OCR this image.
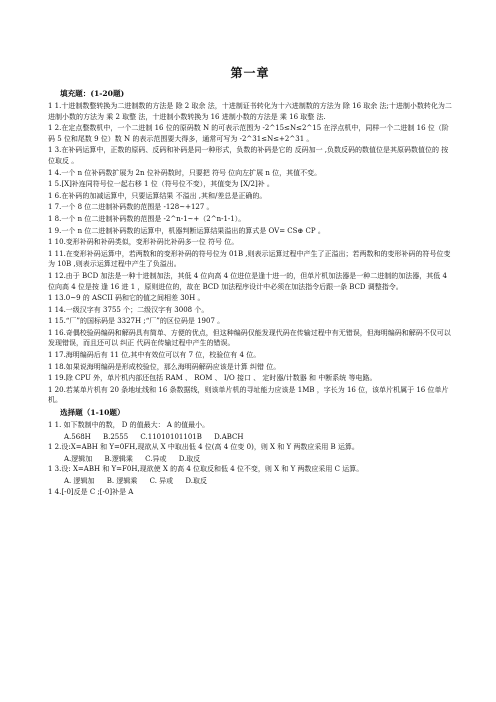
第一章
填充题：(1-20题)
1 1.十进制数整转换为二进制数的方法是 除 2 取余 法，十进制证书转化为十六进制数的方法为 除 16 取余 法;十进制小数转化为二进制小数的方法为 乘 2 取整 法，十进制小数转换为 16 进制小数的方法是 乘 16 取整 法.
1 2.在定点整数机中，一个二进制 16 位的原码数 N 的可表示范围为 -2^15≤N≤2^15 在浮点机中，同样一个二进制 16 位（阶码 5 位和尾数 9 位）数 N 的表示范围要大得多，通常可写为 -2^31≤N≤+2^31 。
1 3.在补码运算中，正数的原码、反码和补码是同一种形式，负数的补码是它的 反码加一 ,负数反码的数值位是其原码数值位的 按位取反 。
1 4.一个 n 位补码数扩展为 2n 位补码数时，只要把 符号 位向左扩展 n 位，其值不变。
1 5.[X]补连同符号位一起右移 1 位（符号位不变），其值变为 [X/2]补 。
1 6.在补码的加减运算中，只要运算结果 不溢出 ,其和/差总是正确的。
1 7.一个 8 位二进制补码数的范围是 -128~+127 。
1 8.一个 n 位二进制补码数的范围是 -2^n-1~+（2^n-1-1）。
1 9.一个 n 位二进制补码数的运算中，机器判断运算结果溢出的算式是 OV= CS⊕ CP 。
1 10.变形补码和补码类似，变形补码比补码多一位 符号 位。
1 11.在变形补码运算中，若两数和的变形补码的符号位为 01B ,则表示运算过程中产生了正溢出；若两数和的变形补码的符号位变为 10B ,则表示运算过程中产生了负溢出。
1 12.由于 BCD 加法是一种十进制加法，其低 4 位向高 4 位进位是逢十进一的，但单片机加法器是一种二进制的加法器，其低 4 位向高 4 位是按 逢 16 进 1 ，原则进位的，故在 BCD 加法程序设计中必须在加法指令后跟一条 BCD 调整指令。
1 13.0~9 的 ASCII 码和它的值之间相差 30H 。
1 14.一级汉字有 3755 个；二级汉字有 3008 个。
1 15.“厂”的国标码是 3327H ;“厂”的区位码是 1907 。
1 16.奇偶校验码编码和解码具有简单、方便的优点，但这种编码仅能发现代码在传输过程中有无错误，但海明编码和解码不仅可以发现错误，而且还可以 纠正 代码在传输过程中产生的错误。
1 17.海明编码后有 11 位,其中有效位可以有 7 位，校验位有 4 位。
1 18.如果说海明编码是形成校验位，那么海明码解码应该是计算 纠错 位。
1 19.除 CPU 外，单片机内部还包括 RAM 、 ROM 、 I/O 接口 、 定时器/计数器 和 中断系统 等电路。
1 20.若某单片机有 20 条地址线和 16 条数据线，则该单片机的寻址能力应该是 1MB ，字长为 16 位，该单片机属于 16 位单片机。
选择题（1-10题）
1 1. 如下数制中的数， D 的值最大： A 的值最小。
A.568H B.2555 C.11010101101B D.ABCH
1 2.设:X=ABH 和 Y=0FH,现欲从 X 中取出低 4 位(高 4 位变 0)，则 X 和 Y 两数应采用 B 运算。
A.逻辑加 B.逻辑乘 C.异或 D.取反
1 3.设: X=ABH 和 Y=F0H,现欲使 X 的高 4 位取反和低 4 位不变，则 X 和 Y 两数应采用 C 运算。
A. 逻辑加 B. 逻辑乘 C. 异或 D.取反
1 4.[-0]反是 C ;[-0]补是 A
